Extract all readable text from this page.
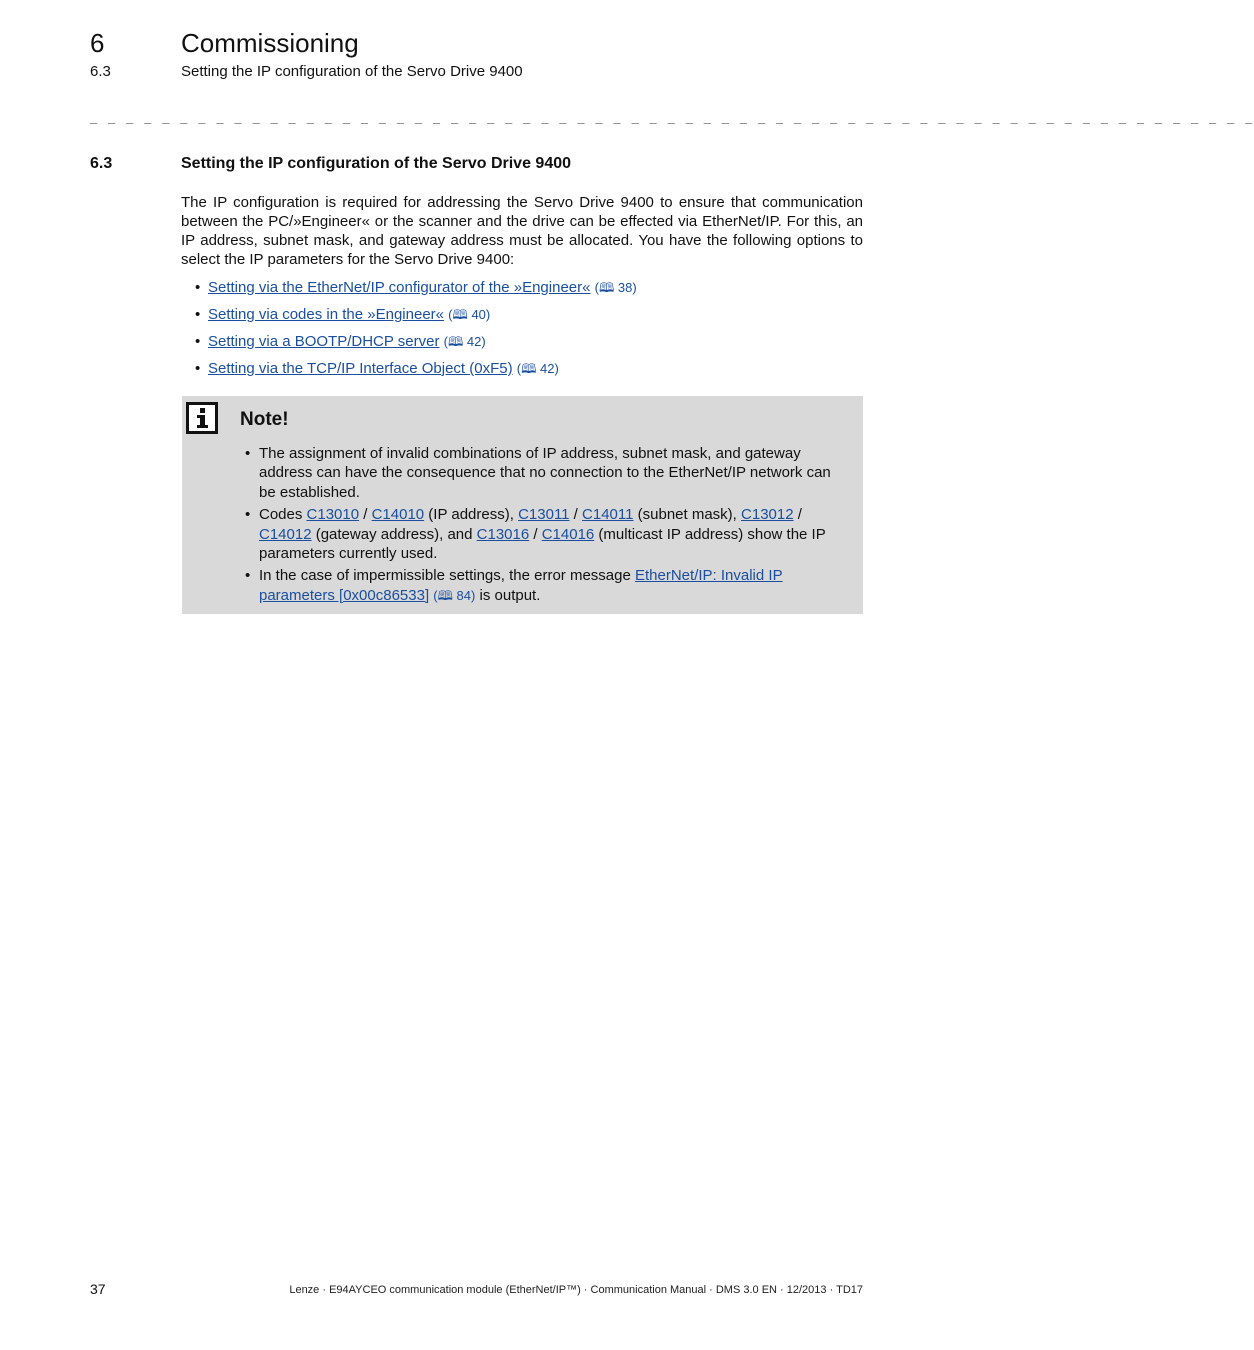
6	Commissioning
6.3	Setting the IP configuration of the Servo Drive 9400
_ _ _ _ _ _ _ _ _ _ _ _ _ _ _ _ _ _ _ _ _ _ _ _ _ _ _ _ _ _ _ _ _ _ _ _ _ _ _ _ _ _ _ _ _ _ _ _ _ _ _ _ _ _ _ _ _ _ _ _ _ _ _ _ _
6.3	Setting the IP configuration of the Servo Drive 9400
The IP configuration is required for addressing the Servo Drive 9400 to ensure that communication between the PC/»Engineer« or the scanner and the drive can be effected via EtherNet/IP. For this, an IP address, subnet mask, and gateway address must be allocated. You have the following options to select the IP parameters for the Servo Drive 9400:
• Setting via the EtherNet/IP configurator of the »Engineer« (🕮 38)
• Setting via codes in the »Engineer« (🕮 40)
• Setting via a BOOTP/DHCP server (🕮 42)
• Setting via the TCP/IP Interface Object (0xF5) (🕮 42)
Note!
• The assignment of invalid combinations of IP address, subnet mask, and gateway address can have the consequence that no connection to the EtherNet/IP network can be established.
• Codes C13010 / C14010 (IP address), C13011 / C14011 (subnet mask), C13012 / C14012 (gateway address), and C13016 / C14016 (multicast IP address) show the IP parameters currently used.
• In the case of impermissible settings, the error message EtherNet/IP: Invalid IP parameters [0x00c86533] (🕮 84) is output.
37	Lenze · E94AYCEO communication module (EtherNet/IP™) · Communication Manual · DMS 3.0 EN · 12/2013 · TD17
